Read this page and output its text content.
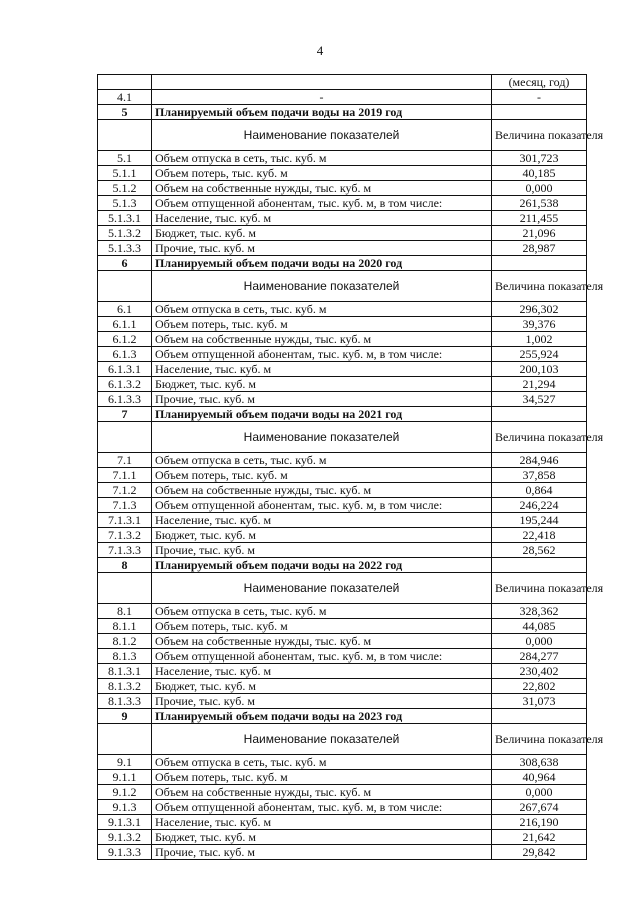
4
		(месяц, год)
4.1	-	-
5	Планируемый объем подачи воды на 2019 год	
	Наименование показателей	Величина показателя
5.1	Объем отпуска в сеть, тыс. куб. м	301,723
5.1.1	Объем потерь, тыс. куб. м	40,185
5.1.2	Объем на собственные нужды, тыс. куб. м	0,000
5.1.3	Объем отпущенной абонентам, тыс. куб. м, в том числе:	261,538
5.1.3.1	Население, тыс. куб. м	211,455
5.1.3.2	Бюджет, тыс. куб. м	21,096
5.1.3.3	Прочие, тыс. куб. м	28,987
6	Планируемый объем подачи воды на 2020 год	
	Наименование показателей	Величина показателя
6.1	Объем отпуска в сеть, тыс. куб. м	296,302
6.1.1	Объем потерь, тыс. куб. м	39,376
6.1.2	Объем на собственные нужды, тыс. куб. м	1,002
6.1.3	Объем отпущенной абонентам, тыс. куб. м, в том числе:	255,924
6.1.3.1	Население, тыс. куб. м	200,103
6.1.3.2	Бюджет, тыс. куб. м	21,294
6.1.3.3	Прочие, тыс. куб. м	34,527
7	Планируемый объем подачи воды на 2021 год	
	Наименование показателей	Величина показателя
7.1	Объем отпуска в сеть, тыс. куб. м	284,946
7.1.1	Объем потерь, тыс. куб. м	37,858
7.1.2	Объем на собственные нужды, тыс. куб. м	0,864
7.1.3	Объем отпущенной абонентам, тыс. куб. м, в том числе:	246,224
7.1.3.1	Население, тыс. куб. м	195,244
7.1.3.2	Бюджет, тыс. куб. м	22,418
7.1.3.3	Прочие, тыс. куб. м	28,562
8	Планируемый объем подачи воды на 2022 год	
	Наименование показателей	Величина показателя
8.1	Объем отпуска в сеть, тыс. куб. м	328,362
8.1.1	Объем потерь, тыс. куб. м	44,085
8.1.2	Объем на собственные нужды, тыс. куб. м	0,000
8.1.3	Объем отпущенной абонентам, тыс. куб. м, в том числе:	284,277
8.1.3.1	Население, тыс. куб. м	230,402
8.1.3.2	Бюджет, тыс. куб. м	22,802
8.1.3.3	Прочие, тыс. куб. м	31,073
9	Планируемый объем подачи воды на 2023 год	
	Наименование показателей	Величина показателя
9.1	Объем отпуска в сеть, тыс. куб. м	308,638
9.1.1	Объем потерь, тыс. куб. м	40,964
9.1.2	Объем на собственные нужды, тыс. куб. м	0,000
9.1.3	Объем отпущенной абонентам, тыс. куб. м, в том числе:	267,674
9.1.3.1	Население, тыс. куб. м	216,190
9.1.3.2	Бюджет, тыс. куб. м	21,642
9.1.3.3	Прочие, тыс. куб. м	29,842
